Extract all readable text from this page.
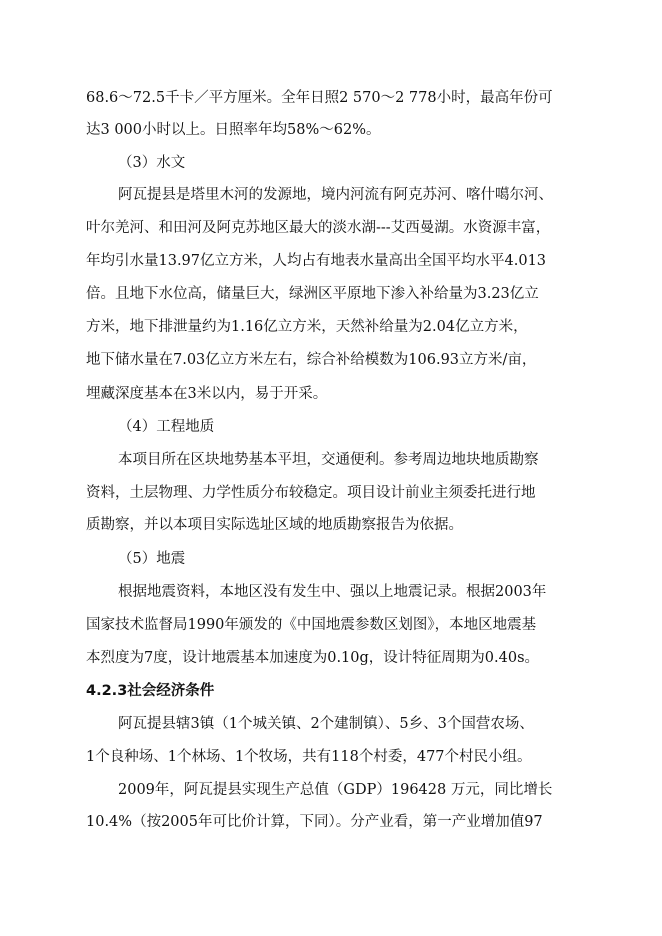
68.6～72.5千卡／平方厘米。全年日照2 570～2 778小时，最高年份可
达3 000小时以上。日照率年均58%～62%。
（3）水文
阿瓦提县是塔里木河的发源地，境内河流有阿克苏河、喀什噶尔河、
叶尔羌河、和田河及阿克苏地区最大的淡水湖---艾西曼湖。水资源丰富，
年均引水量13.97亿立方米，人均占有地表水量高出全国平均水平4.013
倍。且地下水位高，储量巨大，绿洲区平原地下渗入补给量为3.23亿立
方米，地下排泄量约为1.16亿立方米，天然补给量为2.04亿立方米，
地下储水量在7.03亿立方米左右，综合补给模数为106.93立方米/亩，
埋藏深度基本在3米以内，易于开采。
（4）工程地质
本项目所在区块地势基本平坦，交通便利。参考周边地块地质勘察
资料，土层物理、力学性质分布较稳定。项目设计前业主须委托进行地
质勘察，并以本项目实际选址区域的地质勘察报告为依据。
（5）地震
根据地震资料，本地区没有发生中、强以上地震记录。根据2003年
国家技术监督局1990年颁发的《中国地震参数区划图》，本地区地震基
本烈度为7度，设计地震基本加速度为0.10g，设计特征周期为0.40s。
4.2.3社会经济条件
阿瓦提县辖3镇（1个城关镇、2个建制镇）、5乡、3个国营农场、
1个良种场、1个林场、1个牧场，共有118个村委，477个村民小组。
2009年，阿瓦提县实现生产总值（GDP）196428 万元，同比增长
10.4%（按2005年可比价计算，下同）。分产业看，第一产业增加值97
